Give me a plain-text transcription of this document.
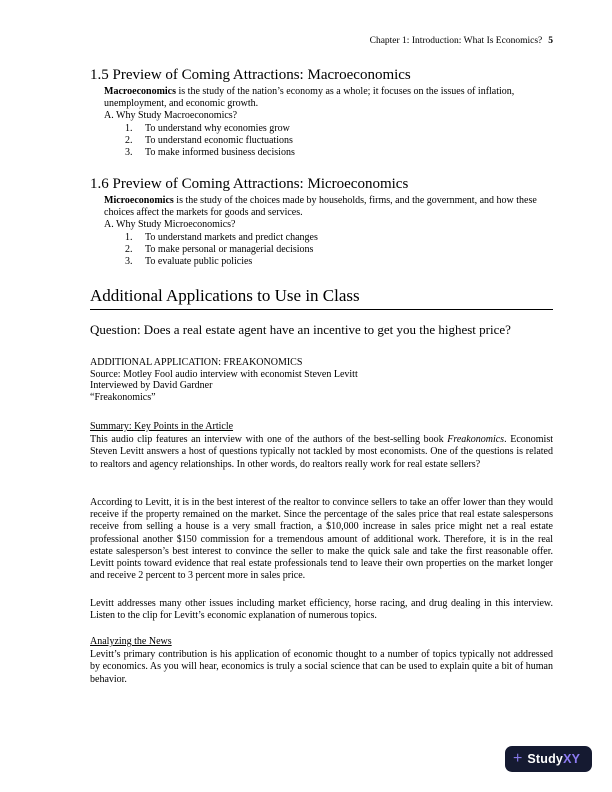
Chapter 1: Introduction: What Is Economics? 5
1.5 Preview of Coming Attractions: Macroeconomics
Macroeconomics is the study of the nation’s economy as a whole; it focuses on the issues of inflation, unemployment, and economic growth.
A. Why Study Macroeconomics?
1.	To understand why economies grow
2.	To understand economic fluctuations
3.	To make informed business decisions
1.6 Preview of Coming Attractions: Microeconomics
Microeconomics is the study of the choices made by households, firms, and the government, and how these choices affect the markets for goods and services.
A. Why Study Microeconomics?
1.	To understand markets and predict changes
2.	To make personal or managerial decisions
3.	To evaluate public policies
Additional Applications to Use in Class
Question: Does a real estate agent have an incentive to get you the highest price?
ADDITIONAL APPLICATION: FREAKONOMICS
Source: Motley Fool audio interview with economist Steven Levitt
Interviewed by David Gardner
“Freakonomics”
Summary: Key Points in the Article

This audio clip features an interview with one of the authors of the best-selling book Freakonomics. Economist Steven Levitt answers a host of questions typically not tackled by most economists. One of the questions is related to realtors and agency relationships. In other words, do realtors really work for real estate sellers?

According to Levitt, it is in the best interest of the realtor to convince sellers to take an offer lower than they would receive if the property remained on the market. Since the percentage of the sales price that real estate salespersons receive from selling a house is a very small fraction, a $10,000 increase in sales price might net a real estate professional another $150 commission for a tremendous amount of additional work. Therefore, it is in the real estate salesperson’s best interest to convince the seller to make the quick sale and take the first reasonable offer. Levitt points toward evidence that real estate professionals tend to leave their own properties on the market longer and receive 2 percent to 3 percent more in sales price.

Levitt addresses many other issues including market efficiency, horse racing, and drug dealing in this interview. Listen to the clip for Levitt’s economic explanation of numerous topics.

Analyzing the News

Levitt’s primary contribution is his application of economic thought to a number of topics typically not addressed by economics. As you will hear, economics is truly a social science that can be used to explain quite a bit of human behavior.

+ Study XY
